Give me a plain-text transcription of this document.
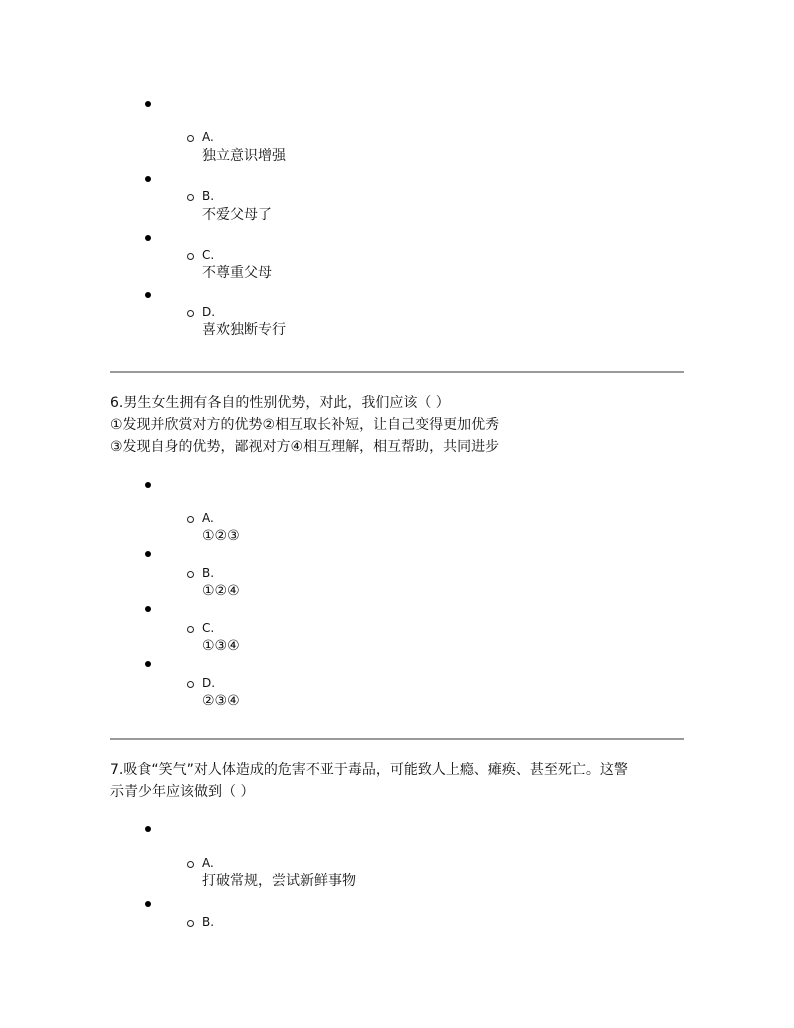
A.
独立意识增强
B.
不爱父母了
C.
不尊重父母
D.
喜欢独断专行
6.男生女生拥有各自的性别优势，对此，我们应该（ ）
①发现并欣赏对方的优势②相互取长补短，让自己变得更加优秀
③发现自身的优势，鄙视对方④相互理解，相互帮助，共同进步
A.
①②③
B.
①②④
C.
①③④
D.
②③④
7.吸食“笑气”对人体造成的危害不亚于毒品，可能致人上瘾、瘫痪、甚至死亡。这警
示青少年应该做到（ ）
A.
打破常规，尝试新鲜事物
B.
